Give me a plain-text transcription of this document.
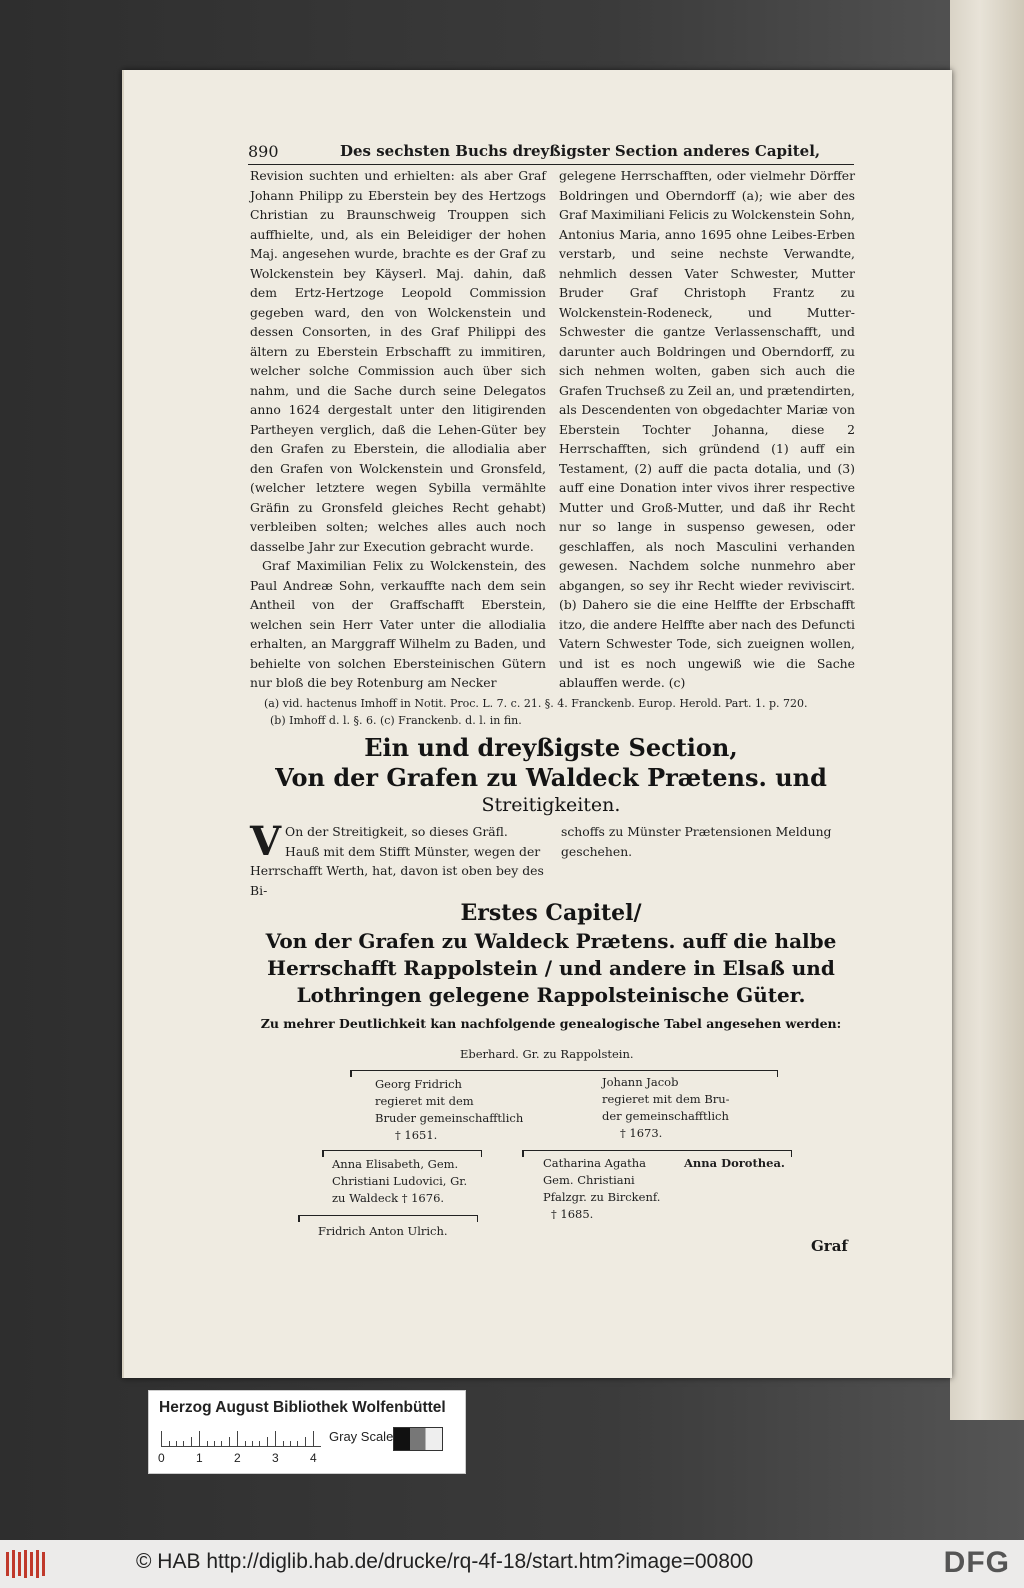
890	Des sechsten Buchs dreyßigster Section anderes Capitel,

Revision suchten und erhielten: als aber Graf Johann Philipp zu Eberstein bey des Hertzogs Christian zu Braunschweig Trouppen sich auffhielte, und, als ein Beleidiger der hohen Maj. angesehen wurde, brachte es der Graf zu Wolckenstein bey Käyserl. Maj. dahin, daß dem Ertz-Hertzoge Leopold Commission gegeben ward, den von Wolckenstein und dessen Consorten, in des Graf Philippi des ältern zu Eberstein Erbschafft zu immitiren, welcher solche Commission auch über sich nahm, und die Sache durch seine Delegatos anno 1624 dergestalt unter den litigirenden Partheyen verglich, daß die Lehen-Güter bey den Grafen zu Eberstein, die allodialia aber den Grafen von Wolckenstein und Gronsfeld, (welcher letztere wegen Sybilla vermählte Gräfin zu Gronsfeld gleiches Recht gehabt) verbleiben solten; welches alles auch noch dasselbe Jahr zur Execution gebracht wurde.

Graf Maximilian Felix zu Wolckenstein, des Paul Andreæ Sohn, verkauffte nach dem sein Antheil von der Graffschafft Eberstein, welchen sein Herr Vater unter die allodialia erhalten, an Marggraff Wilhelm zu Baden, und behielte von solchen Ebersteinischen Gütern nur bloß die bey Rotenburg am Necker

gelegene Herrschafften, oder vielmehr Dörffer Boldringen und Oberndorff (a); wie aber des Graf Maximiliani Felicis zu Wolckenstein Sohn, Antonius Maria, anno 1695 ohne Leibes-Erben verstarb, und seine nechste Verwandte, nehmlich dessen Vater Schwester, Mutter Bruder Graf Christoph Frantz zu Wolckenstein-Rodeneck, und Mutter-Schwester die gantze Verlassenschafft, und darunter auch Boldringen und Oberndorff, zu sich nehmen wolten, gaben sich auch die Grafen Truchseß zu Zeil an, und prætendirten, als Descendenten von obgedachter Mariæ von Eberstein Tochter Johanna, diese 2 Herrschafften, sich gründend (1) auff ein Testament, (2) auff die pacta dotalia, und (3) auff eine Donation inter vivos ihrer respective Mutter und Groß-Mutter, und daß ihr Recht nur so lange in suspenso gewesen, oder geschlaffen, als noch Masculini verhanden gewesen. Nachdem solche nunmehro aber abgangen, so sey ihr Recht wieder reviviscirt. (b) Dahero sie die eine Helffte der Erbschafft itzo, die andere Helffte aber nach des Defuncti Vatern Schwester Tode, sich zueignen wollen, und ist es noch ungewiß wie die Sache ablauffen werde. (c)

(a) vid. hactenus Imhoff in Notit. Proc. L. 7. c. 21. §. 4. Franckenb. Europ. Herold. Part. 1. p. 720.
(b) Imhoff d. l. §. 6. (c) Franckenb. d. l. in fin.
Ein und dreyßigste Section,
Von der Grafen zu Waldeck Prætens. und
Streitigkeiten.
V On der Streitigkeit, so dieses Gräfl. Hauß mit dem Stifft Münster, wegen der Herrschafft Werth, hat, davon ist oben bey des Bi-
schoffs zu Münster Prætensionen Meldung geschehen.
Erstes Capitel/
Von der Grafen zu Waldeck Prætens. auff die halbe Herrschafft Rappolstein / und andere in Elsaß und Lothringen gelegene Rappolsteinische Güter.
Zu mehrer Deutlichkeit kan nachfolgende genealogische Tabel angesehen werden:
Eberhard. Gr. zu Rappolstein.
Georg Fridrich
regieret mit dem
Bruder gemeinschafftlich
† 1651.
Johann Jacob
regieret mit dem Bru-
der gemeinschafftlich
† 1673.
Anna Elisabeth, Gem.
Christiani Ludovici, Gr.
zu Waldeck † 1676.
Catharina Agatha
Gem. Christiani
Pfalzgr. zu Birckenf.
† 1685.
Anna Dorothea.
Fridrich Anton Ulrich.
Graf
Herzog August Bibliothek Wolfenbüttel
0	1	2	3	4
Gray Scale
© HAB http://diglib.hab.de/drucke/rq-4f-18/start.htm?image=00800	DFG
